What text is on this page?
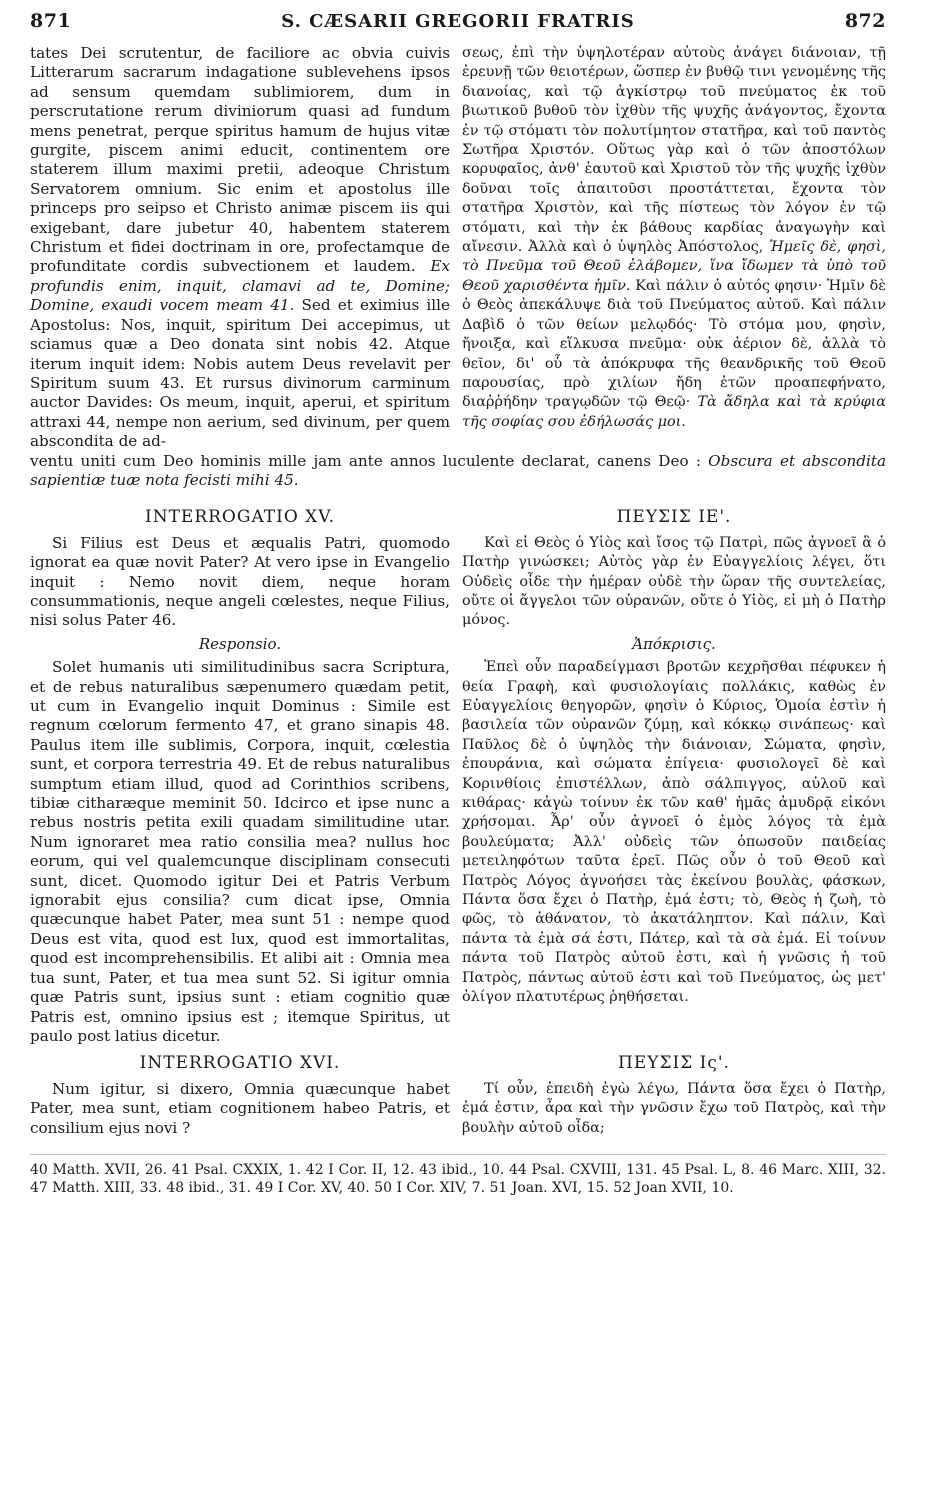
871	S. CÆSARII GREGORII FRATRIS	872

tates Dei scrutentur, de faciliore ac obvia cuivis Litterarum sacrarum indagatione sublevehens ipsos ad sensum quemdam sublimiorem, dum in perscrutatione rerum diviniorum quasi ad fundum mens penetrat, perque spiritus hamum de hujus vitæ gurgite, piscem animi educit, continentem ore staterem illum maximi pretii, adeoque Christum Servatorem omnium. Sic enim et apostolus ille princeps pro seipso et Christo animæ piscem iis qui exigebant, dare jubetur 40, habentem staterem Christum et fidei doctrinam in ore, profectamque de profunditate cordis subvectionem et laudem. Ex profundis enim, inquit, clamavi ad te, Domine; Domine, exaudi vocem meam 41. Sed et eximius ille Apostolus: Nos, inquit, spiritum Dei accepimus, ut sciamus quæ a Deo donata sint nobis 42. Atque iterum inquit idem: Nobis autem Deus revelavit per Spiritum suum 43. Et rursus divinorum carminum auctor Davides: Os meum, inquit, aperui, et spiritum attraxi 44, nempe non aerium, sed divinum, per quem abscondita de ad-

σεως, ἐπὶ τὴν ὑψηλοτέραν αὐτοὺς ἀνάγει διάνοιαν, τῇ ἐρευνῇ τῶν θειοτέρων, ὥσπερ ἐν βυθῷ τινι γενομένης τῆς διανοίας, καὶ τῷ ἀγκίστρῳ τοῦ πνεύματος ἐκ τοῦ βιωτικοῦ βυθοῦ τὸν ἰχθὺν τῆς ψυχῆς ἀνάγοντος, ἔχοντα ἐν τῷ στόματι τὸν πολυτίμητον στατῆρα, καὶ τοῦ παντὸς Σωτῆρα Χριστόν. Οὕτως γὰρ καὶ ὁ τῶν ἀποστόλων κορυφαῖος, ἀνθ' ἑαυτοῦ καὶ Χριστοῦ τὸν τῆς ψυχῆς ἰχθὺν δοῦναι τοῖς ἀπαιτοῦσι προστάττεται, ἔχοντα τὸν στατῆρα Χριστὸν, καὶ τῆς πίστεως τὸν λόγον ἐν τῷ στόματι, καὶ τὴν ἐκ βάθους καρδίας ἀναγωγὴν καὶ αἴνεσιν. Ἀλλὰ καὶ ὁ ὑψηλὸς Ἀπόστολος, Ἡμεῖς δὲ, φησὶ, τὸ Πνεῦμα τοῦ Θεοῦ ἐλάβομεν, ἵνα ἴδωμεν τὰ ὑπὸ τοῦ Θεοῦ χαρισθέντα ἡμῖν. Καὶ πάλιν ὁ αὐτός φησιν· Ἡμῖν δὲ ὁ Θεὸς ἀπεκάλυψε διὰ τοῦ Πνεύματος αὐτοῦ. Καὶ πάλιν Δαβὶδ ὁ τῶν θείων μελῳδός· Τὸ στόμα μου, φησὶν, ἤνοιξα, καὶ εἵλκυσα πνεῦμα· οὐκ ἀέριον δὲ, ἀλλὰ τὸ θεῖον, δι' οὗ τὰ ἀπόκρυφα τῆς θεανδρικῆς τοῦ Θεοῦ παρουσίας, πρὸ χιλίων ἤδη ἐτῶν προαπεφήνατο, διαῤῥήδην τραγῳδῶν τῷ Θεῷ· Τὰ ἄδηλα καὶ τὰ κρύφια τῆς σοφίας σου ἐδήλωσάς μοι.

ventu uniti cum Deo hominis mille jam ante annos luculente declarat, canens Deo : Obscura et abscondita sapientiæ tuæ nota fecisti mihi 45.

INTERROGATIO XV.

Si Filius est Deus et æqualis Patri, quomodo ignorat ea quæ novit Pater? At vero ipse in Evangelio inquit : Nemo novit diem, neque horam consummationis, neque angeli cœlestes, neque Filius, nisi solus Pater 46.

Responsio.

Solet humanis uti similitudinibus sacra Scriptura, et de rebus naturalibus sæpenumero quædam petit, ut cum in Evangelio inquit Dominus : Simile est regnum cœlorum fermento 47, et grano sinapis 48. Paulus item ille sublimis, Corpora, inquit, cœlestia sunt, et corpora terrestria 49. Et de rebus naturalibus sumptum etiam illud, quod ad Corinthios scribens, tibiæ citharæque meminit 50. Idcirco et ipse nunc a rebus nostris petita exili quadam similitudine utar. Num ignoraret mea ratio consilia mea? nullus hoc eorum, qui vel qualemcunque disciplinam consecuti sunt, dicet. Quomodo igitur Dei et Patris Verbum ignorabit ejus consilia? cum dicat ipse, Omnia quæcunque habet Pater, mea sunt 51 : nempe quod Deus est vita, quod est lux, quod est immortalitas, quod est incomprehensibilis. Et alibi ait : Omnia mea tua sunt, Pater, et tua mea sunt 52. Si igitur omnia quæ Patris sunt, ipsius sunt : etiam cognitio quæ Patris est, omnino ipsius est ; itemque Spiritus, ut paulo post latius dicetur.

ΠΕΥΣΙΣ ΙΕ'.

Καὶ εἰ Θεὸς ὁ Υἱὸς καὶ ἴσος τῷ Πατρὶ, πῶς ἀγνοεῖ ἃ ὁ Πατὴρ γινώσκει; Αὐτὸς γὰρ ἐν Εὐαγγελίοις λέγει, ὅτι Οὐδεὶς οἶδε τὴν ἡμέραν οὐδὲ τὴν ὥραν τῆς συντελείας, οὔτε οἱ ἄγγελοι τῶν οὐρανῶν, οὔτε ὁ Υἱὸς, εἰ μὴ ὁ Πατὴρ μόνος.

Ἀπόκρισις.

Ἐπεὶ οὖν παραδείγμασι βροτῶν κεχρῆσθαι πέφυκεν ἡ θεία Γραφὴ, καὶ φυσιολογίαις πολλάκις, καθὼς ἐν Εὐαγγελίοις θεηγορῶν, φησὶν ὁ Κύριος, Ὁμοία ἐστὶν ἡ βασιλεία τῶν οὐρανῶν ζύμῃ, καὶ κόκκῳ σινάπεως· καὶ Παῦλος δὲ ὁ ὑψηλὸς τὴν διάνοιαν, Σώματα, φησὶν, ἐπουράνια, καὶ σώματα ἐπίγεια· φυσιολογεῖ δὲ καὶ Κορινθίοις ἐπιστέλλων, ἀπὸ σάλπιγγος, αὐλοῦ καὶ κιθάρας· κἀγὼ τοίνυν ἐκ τῶν καθ' ἡμᾶς ἀμυδρᾷ εἰκόνι χρήσομαι. Ἆρ' οὖν ἀγνοεῖ ὁ ἐμὸς λόγος τὰ ἐμὰ βουλεύματα; Ἀλλ' οὐδεὶς τῶν ὁπωσοῦν παιδείας μετειληφότων ταῦτα ἐρεῖ. Πῶς οὖν ὁ τοῦ Θεοῦ καὶ Πατρὸς Λόγος ἀγνοήσει τὰς ἐκείνου βουλὰς, φάσκων, Πάντα ὅσα ἔχει ὁ Πατὴρ, ἐμά ἐστι; τὸ, Θεὸς ἡ ζωὴ, τὸ φῶς, τὸ ἀθάνατον, τὸ ἀκατάληπτον. Καὶ πάλιν, Καὶ πάντα τὰ ἐμὰ σά ἐστι, Πάτερ, καὶ τὰ σὰ ἐμά. Εἰ τοίνυν πάντα τοῦ Πατρὸς αὐτοῦ ἐστι, καὶ ἡ γνῶσις ἡ τοῦ Πατρὸς, πάντως αὐτοῦ ἐστι καὶ τοῦ Πνεύματος, ὡς μετ' ὀλίγον πλατυτέρως ῥηθήσεται.

INTERROGATIO XVI.

Num igitur, si dixero, Omnia quæcunque habet Pater, mea sunt, etiam cognitionem habeo Patris, et consilium ejus novi ?

ΠΕΥΣΙΣ Ις'.

Τί οὖν, ἐπειδὴ ἐγὼ λέγω, Πάντα ὅσα ἔχει ὁ Πατὴρ, ἐμά ἐστιν, ἆρα καὶ τὴν γνῶσιν ἔχω τοῦ Πατρὸς, καὶ τὴν βουλὴν αὐτοῦ οἶδα;

40 Matth. XVII, 26. 41 Psal. CXXIX, 1. 42 I Cor. II, 12. 43 ibid., 10. 44 Psal. CXVIII, 131. 45 Psal. L, 8. 46 Marc. XIII, 32. 47 Matth. XIII, 33. 48 ibid., 31. 49 I Cor. XV, 40. 50 I Cor. XIV, 7. 51 Joan. XVI, 15. 52 Joan XVII, 10.
